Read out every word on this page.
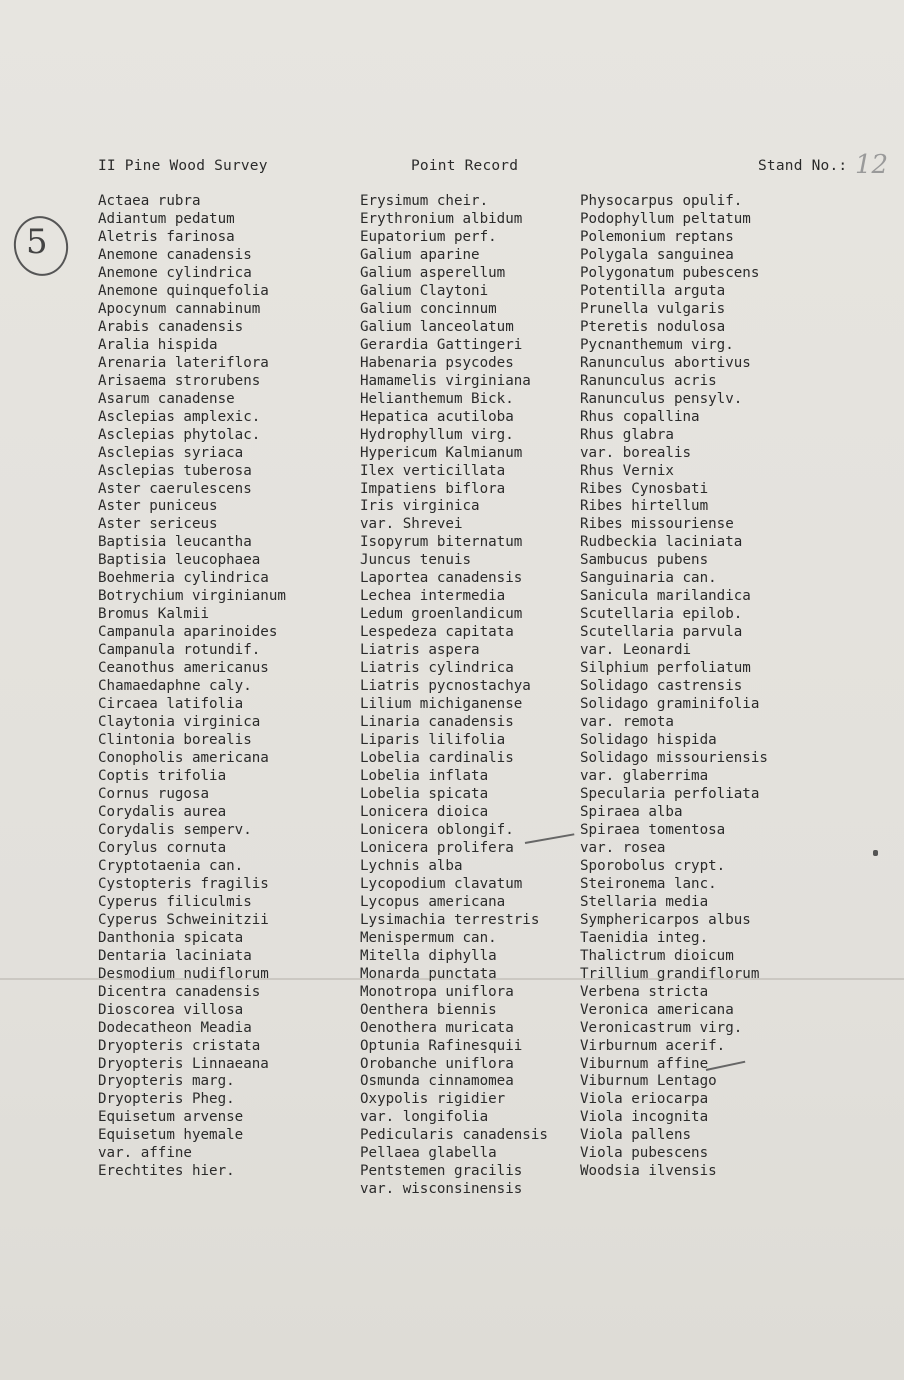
II Pine Wood Survey	Point Record	Stand No.: 12
5
Actaea rubra
Adiantum pedatum
Aletris farinosa
Anemone canadensis
Anemone cylindrica
Anemone quinquefolia
Apocynum cannabinum
Arabis canadensis
Aralia hispida
Arenaria lateriflora
Arisaema strorubens
Asarum canadense
Asclepias amplexic.
Asclepias phytolac.
Asclepias syriaca
Asclepias tuberosa
Aster caerulescens
Aster puniceus
Aster sericeus
Baptisia leucantha
Baptisia leucophaea
Boehmeria cylindrica
Botrychium virginianum
Bromus Kalmii
Campanula aparinoides
Campanula rotundif.
Ceanothus americanus
Chamaedaphne caly.
Circaea latifolia
Claytonia virginica
Clintonia borealis
Conopholis americana
Coptis trifolia
Cornus rugosa
Corydalis aurea
Corydalis semperv.
Corylus cornuta
Cryptotaenia can.
Cystopteris fragilis
Cyperus filiculmis
Cyperus Schweinitzii
Danthonia spicata
Dentaria laciniata
Desmodium nudiflorum
Dicentra canadensis
Dioscorea villosa
Dodecatheon Meadia
Dryopteris cristata
Dryopteris Linnaeana
Dryopteris marg.
Dryopteris Pheg.
Equisetum arvense
Equisetum hyemale
var. affine
Erechtites hier.
Erysimum cheir.
Erythronium albidum
Eupatorium perf.
Galium aparine
Galium asperellum
Galium Claytoni
Galium concinnum
Galium lanceolatum
Gerardia Gattingeri
Habenaria psycodes
Hamamelis virginiana
Helianthemum Bick.
Hepatica acutiloba
Hydrophyllum virg.
Hypericum Kalmianum
Ilex verticillata
Impatiens biflora
Iris virginica
var. Shrevei
Isopyrum biternatum
Juncus tenuis
Laportea canadensis
Lechea intermedia
Ledum groenlandicum
Lespedeza capitata
Liatris aspera
Liatris cylindrica
Liatris pycnostachya
Lilium michiganense
Linaria canadensis
Liparis lilifolia
Lobelia cardinalis
Lobelia inflata
Lobelia spicata
Lonicera dioica
Lonicera oblongif.
Lonicera prolifera
Lychnis alba
Lycopodium clavatum
Lycopus americana
Lysimachia terrestris
Menispermum can.
Mitella diphylla
Monarda punctata
Monotropa uniflora
Oenthera biennis
Oenothera muricata
Optunia Rafinesquii
Orobanche uniflora
Osmunda cinnamomea
Oxypolis rigidier
var. longifolia
Pedicularis canadensis
Pellaea glabella
Pentstemen gracilis
var. wisconsinensis
Physocarpus opulif.
Podophyllum peltatum
Polemonium reptans
Polygala sanguinea
Polygonatum pubescens
Potentilla arguta
Prunella vulgaris
Pteretis nodulosa
Pycnanthemum virg.
Ranunculus abortivus
Ranunculus acris
Ranunculus pensylv.
Rhus copallina
Rhus glabra
var. borealis
Rhus Vernix
Ribes Cynosbati
Ribes hirtellum
Ribes missouriense
Rudbeckia laciniata
Sambucus pubens
Sanguinaria can.
Sanicula marilandica
Scutellaria epilob.
Scutellaria parvula
var. Leonardi
Silphium perfoliatum
Solidago castrensis
Solidago graminifolia
var. remota
Solidago hispida
Solidago missouriensis
var. glaberrima
Specularia perfoliata
Spiraea alba
Spiraea tomentosa
var. rosea
Sporobolus crypt.
Steironema lanc.
Stellaria media
Symphericarpos albus
Taenidia integ.
Thalictrum dioicum
Trillium grandiflorum
Verbena stricta
Veronica americana
Veronicastrum virg.
Virburnum acerif.
Viburnum affine
Viburnum Lentago
Viola eriocarpa
Viola incognita
Viola pallens
Viola pubescens
Woodsia ilvensis
